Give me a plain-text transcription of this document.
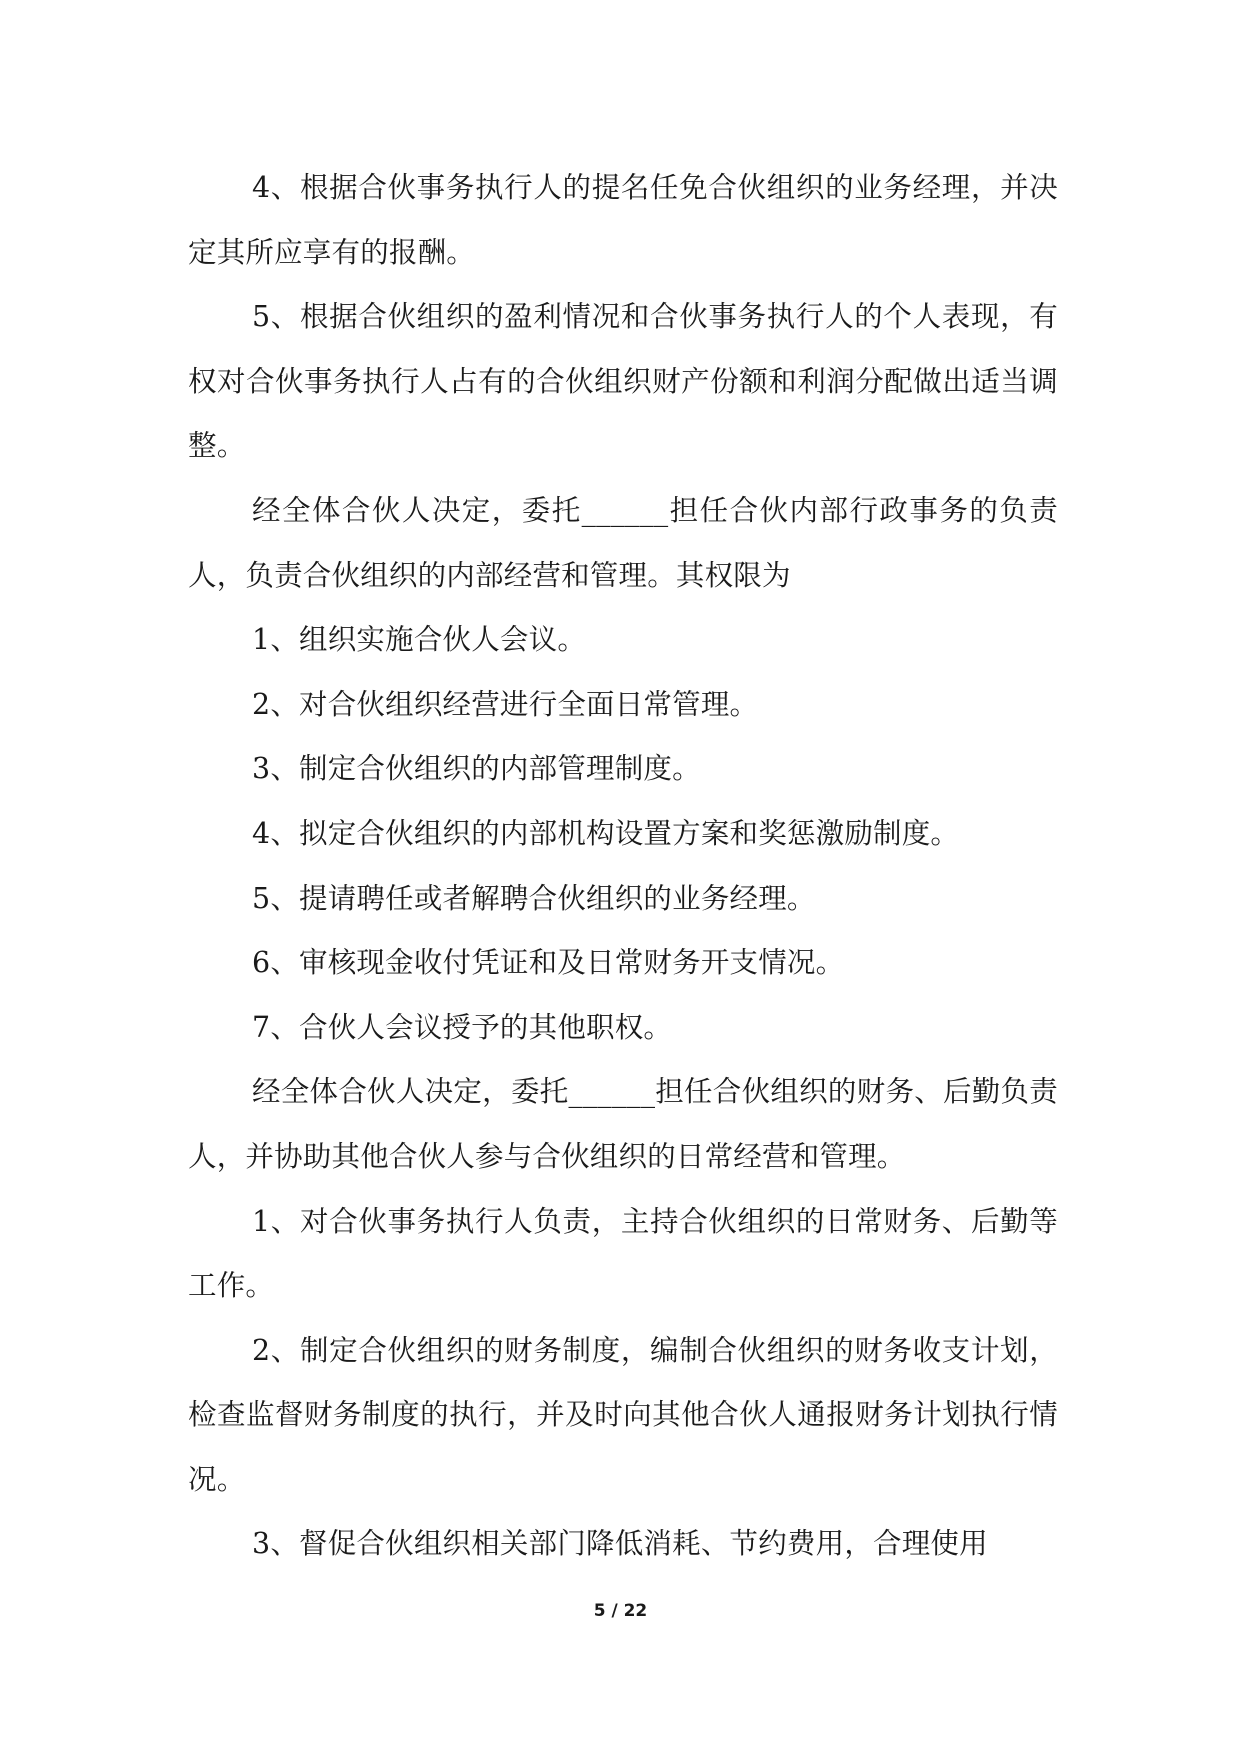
4、根据合伙事务执行人的提名任免合伙组织的业务经理，并决定其所应享有的报酬。

5、根据合伙组织的盈利情况和合伙事务执行人的个人表现，有权对合伙事务执行人占有的合伙组织财产份额和利润分配做出适当调整。

经全体合伙人决定，委托______担任合伙内部行政事务的负责人，负责合伙组织的内部经营和管理。其权限为

1、组织实施合伙人会议。

2、对合伙组织经营进行全面日常管理。

3、制定合伙组织的内部管理制度。

4、拟定合伙组织的内部机构设置方案和奖惩激励制度。

5、提请聘任或者解聘合伙组织的业务经理。

6、审核现金收付凭证和及日常财务开支情况。

7、合伙人会议授予的其他职权。

经全体合伙人决定，委托______担任合伙组织的财务、后勤负责人，并协助其他合伙人参与合伙组织的日常经营和管理。

1、对合伙事务执行人负责，主持合伙组织的日常财务、后勤等工作。

2、制定合伙组织的财务制度，编制合伙组织的财务收支计划，检查监督财务制度的执行，并及时向其他合伙人通报财务计划执行情况。

3、督促合伙组织相关部门降低消耗、节约费用，合理使用

5 / 22
